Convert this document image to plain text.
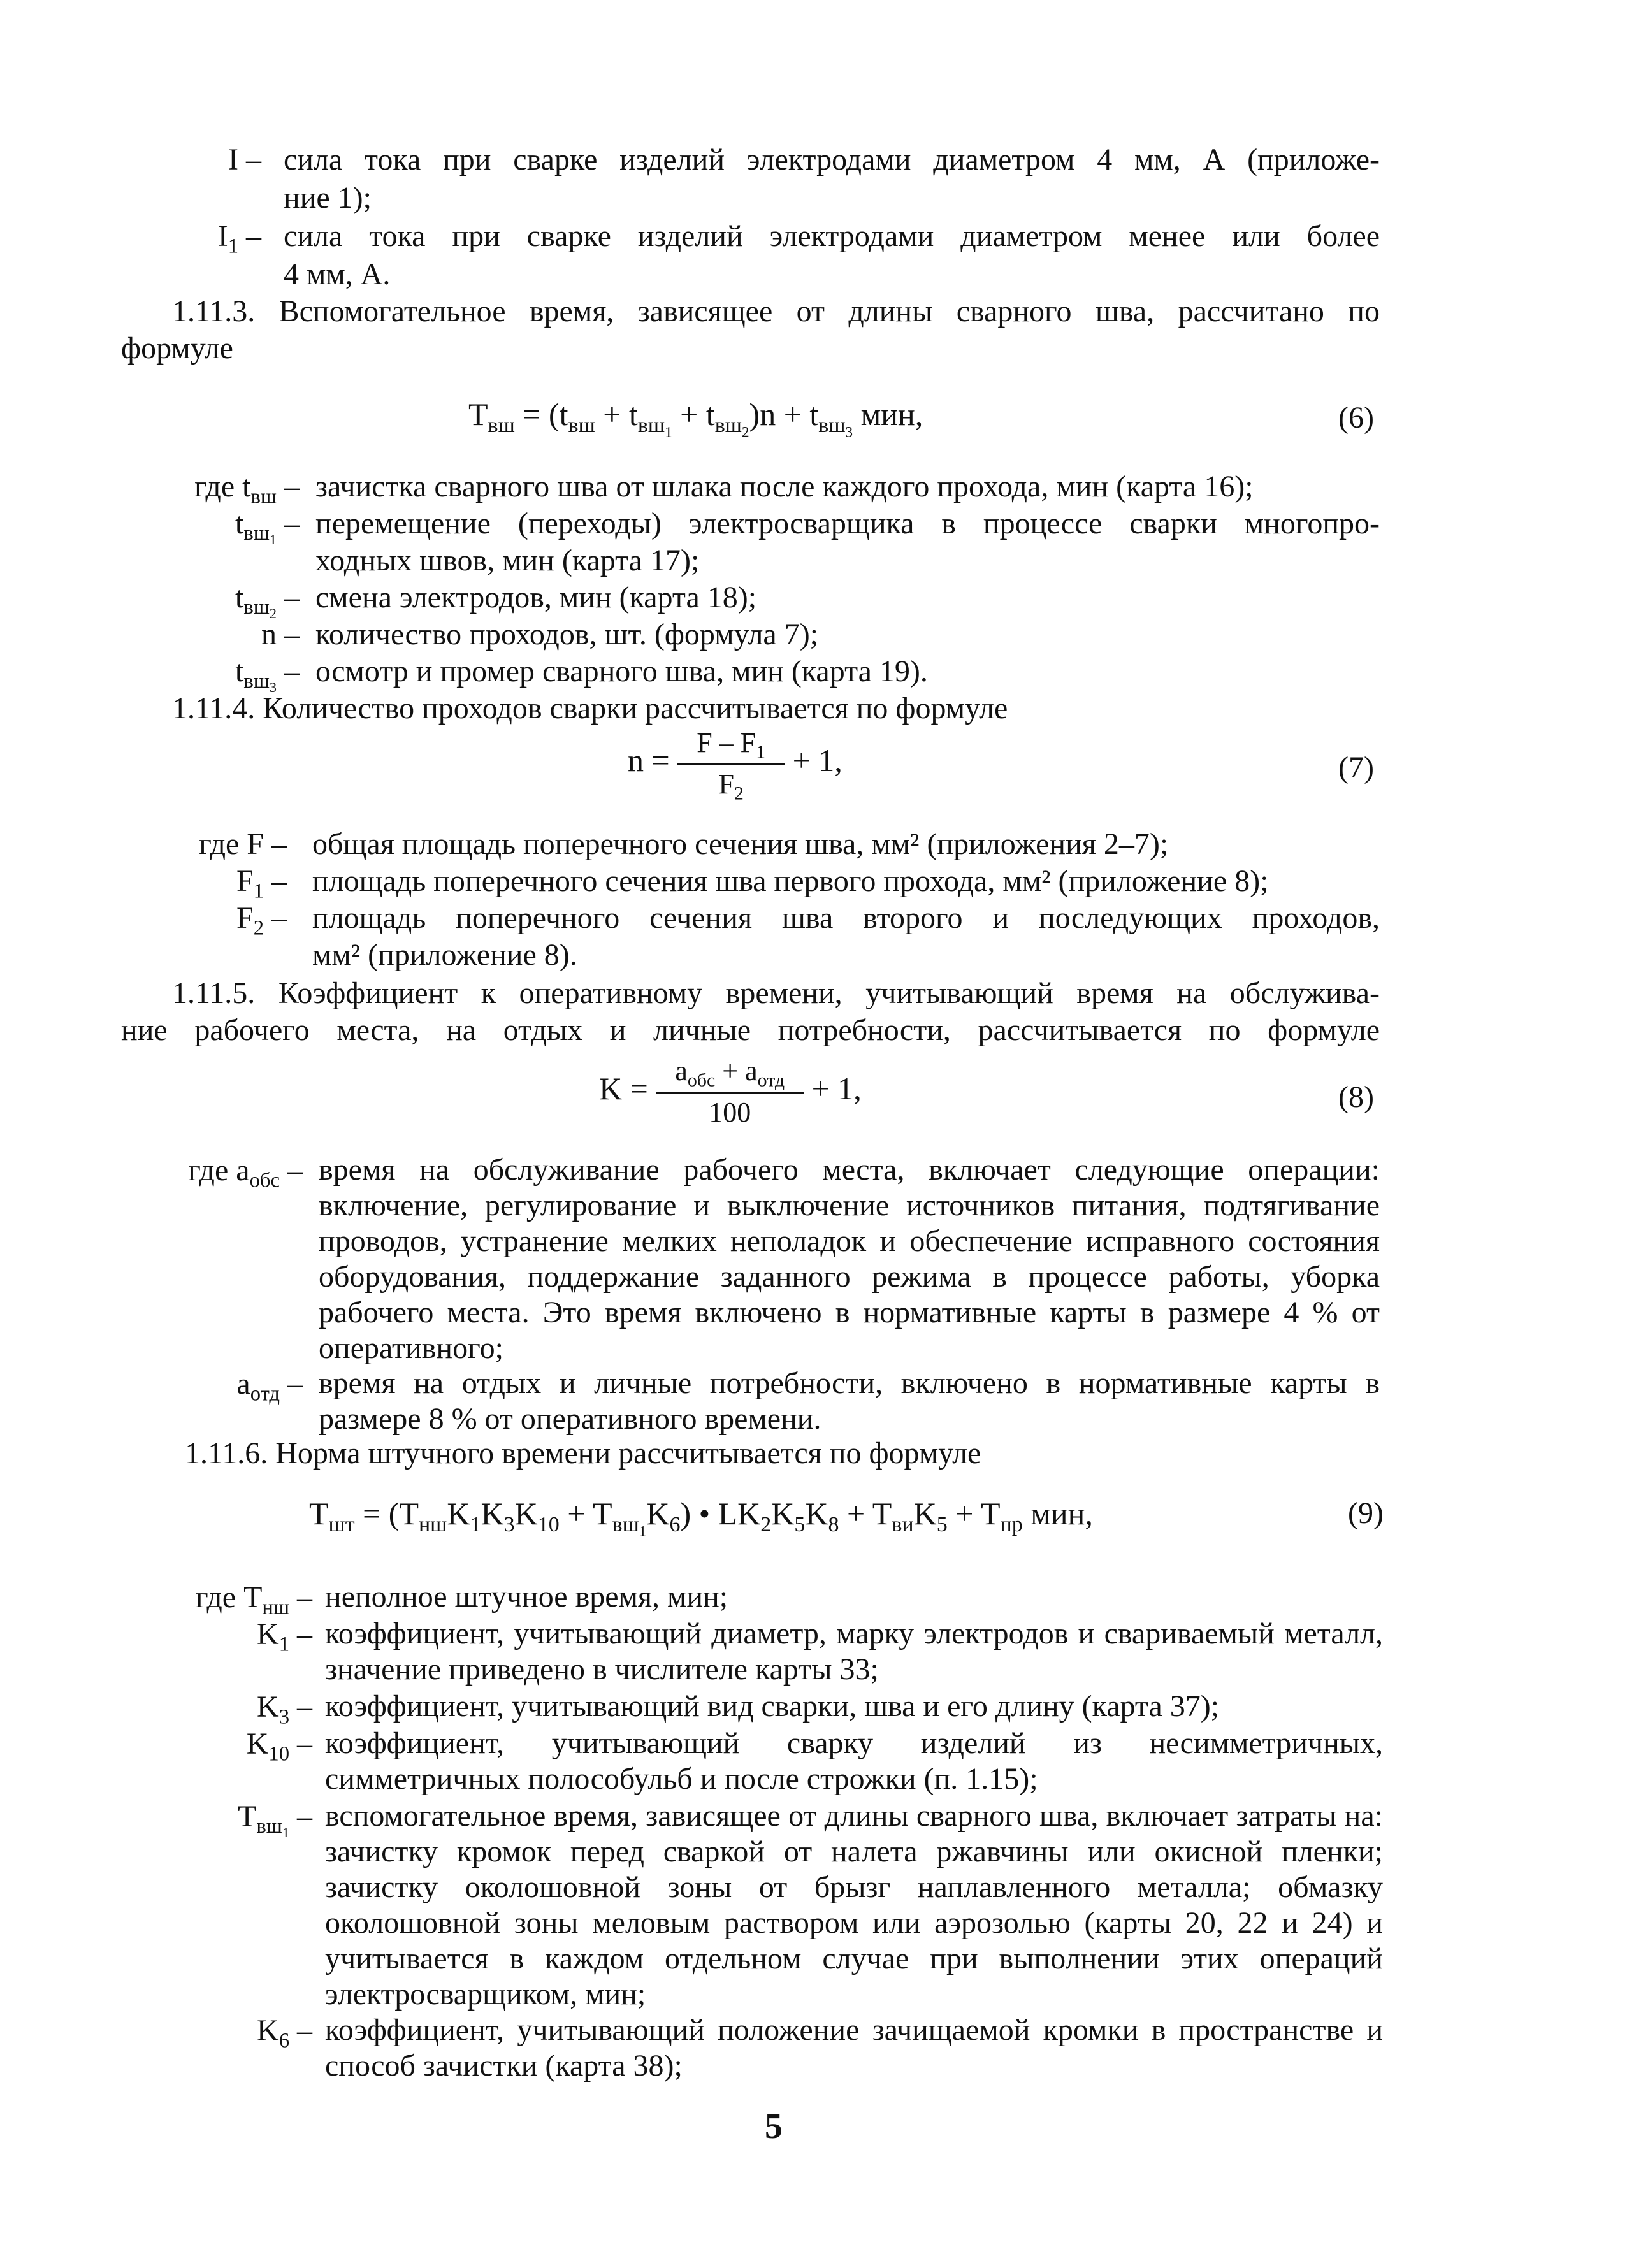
I – сила тока при сварке изделий электродами диаметром 4 мм, А (приложе-
ние 1);
$I_1$ – сила тока при сварке изделий электродами диаметром менее или более
4 мм, А.
1.11.3. Вспомогательное время, зависящее от длины сварного шва, рассчитано по
формуле
$T_{вш} = (t_{вш} + t_{вш_1} + t_{вш_2})n + t_{вш_3}$ мин,	(6)
где $t_{вш}$ – зачистка сварного шва от шлака после каждого прохода, мин (карта 16);
$t_{вш_1}$ – перемещение (переходы) электросварщика в процессе сварки многопро-
ходных швов, мин (карта 17);
$t_{вш_2}$ – смена электродов, мин (карта 18);
n – количество проходов, шт. (формула 7);
$t_{вш_3}$ – осмотр и промер сварного шва, мин (карта 19).
1.11.4. Количество проходов сварки рассчитывается по формуле
$n = \frac{F - F_1}{F_2} + 1$,	(7)
где F – общая площадь поперечного сечения шва, мм² (приложения 2–7);
$F_1$ – площадь поперечного сечения шва первого прохода, мм² (приложение 8);
$F_2$ – площадь поперечного сечения шва второго и последующих проходов,
мм² (приложение 8).
1.11.5. Коэффициент к оперативному времени, учитывающий время на обслужива-
ние рабочего места, на отдых и личные потребности, рассчитывается по формуле
$K = \frac{a_{обс} + a_{отд}}{100} + 1$,	(8)
где $a_{обс}$ – время на обслуживание рабочего места, включает следующие операции: включение, регулирование и выключение источников питания, подтягивание проводов, устранение мелких неполадок и обеспечение исправного состояния оборудования, поддержание заданного режима в процессе работы, уборка рабочего места. Это время включено в нормативные карты в размере 4 % от оперативного;
$a_{отд}$ – время на отдых и личные потребности, включено в нормативные карты в размере 8 % от оперативного времени.
1.11.6. Норма штучного времени рассчитывается по формуле
$T_{шт} = (T_{нш}K_1K_3K_{10} + T_{вш_1}K_6)$ • $LK_2K_5K_8 + T_{ви}K_5 + T_{пр}$ мин,	(9)
где $T_{нш}$ – неполное штучное время, мин;
$K_1$ – коэффициент, учитывающий диаметр, марку электродов и свариваемый металл, значение приведено в числителе карты 33;
$K_3$ – коэффициент, учитывающий вид сварки, шва и его длину (карта 37);
$K_{10}$ – коэффициент, учитывающий сварку изделий из несимметричных, симметричных полособульб и после строжки (п. 1.15);
$T_{вш_1}$ – вспомогательное время, зависящее от длины сварного шва, включает затраты на: зачистку кромок перед сваркой от налета ржавчины или окисной пленки; зачистку околошовной зоны от брызг наплавленного металла; обмазку околошовной зоны меловым раствором или аэрозолью (карты 20, 22 и 24) и учитывается в каждом отдельном случае при выполнении этих операций электросварщиком, мин;
$K_6$ – коэффициент, учитывающий положение зачищаемой кромки в пространстве и способ зачистки (карта 38);
5
